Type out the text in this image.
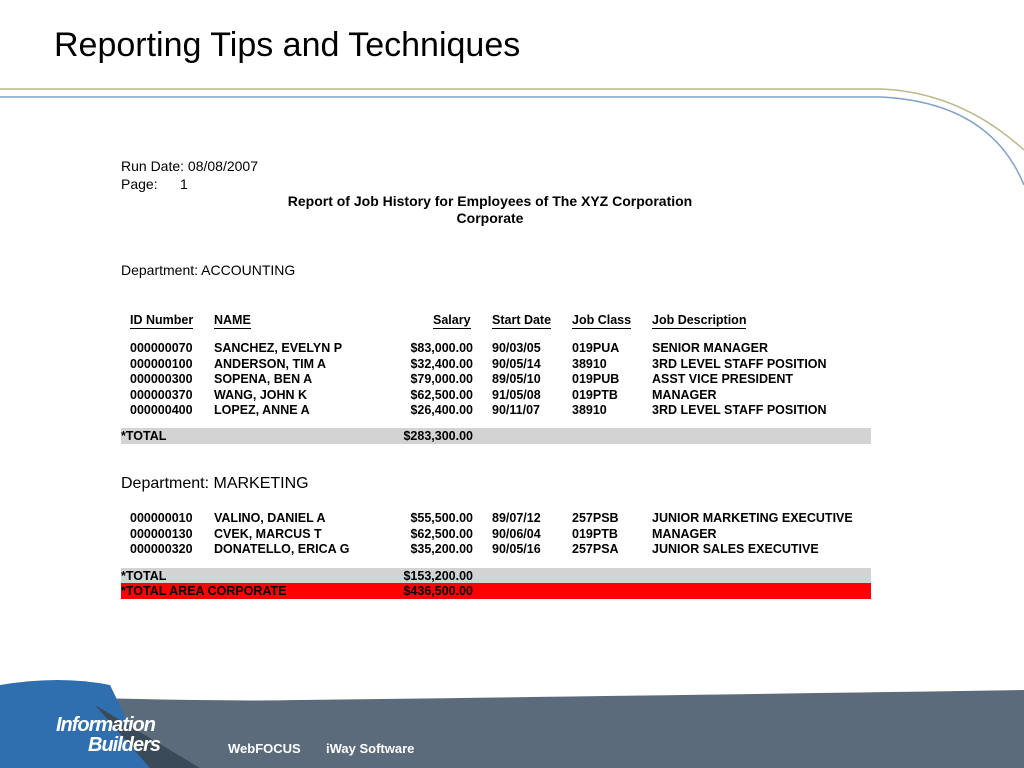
Reporting Tips and Techniques
Run Date: 08/08/2007
Page: 1
Report of Job History for Employees of The XYZ Corporation
Corporate
Department: ACCOUNTING
ID Number NAME	Salary Start Date Job Class Job Description
000000070 SANCHEZ, EVELYN P	$83,000.00 90/03/05	019PUA	SENIOR MANAGER
000000100 ANDERSON, TIM A	$32,400.00 90/05/14	38910	3RD LEVEL STAFF POSITION
000000300 SOPENA, BEN A	$79,000.00 89/05/10	019PUB	ASST VICE PRESIDENT
000000370 WANG, JOHN K	$62,500.00 91/05/08	019PTB	MANAGER
000000400 LOPEZ, ANNE A	$26,400.00 90/11/07	38910	3RD LEVEL STAFF POSITION
*TOTAL	$283,300.00
Department: MARKETING
000000010 VALINO, DANIEL A	$55,500.00 89/07/12	257PSB	JUNIOR MARKETING EXECUTIVE
000000130 CVEK, MARCUS T	$62,500.00 90/06/04	019PTB	MANAGER
000000320 DONATELLO, ERICA G	$35,200.00 90/05/16	257PSA	JUNIOR SALES EXECUTIVE
*TOTAL	$153,200.00
*TOTAL AREA CORPORATE	$436,500.00
Information
Builders	WebFOCUS iWay Software
